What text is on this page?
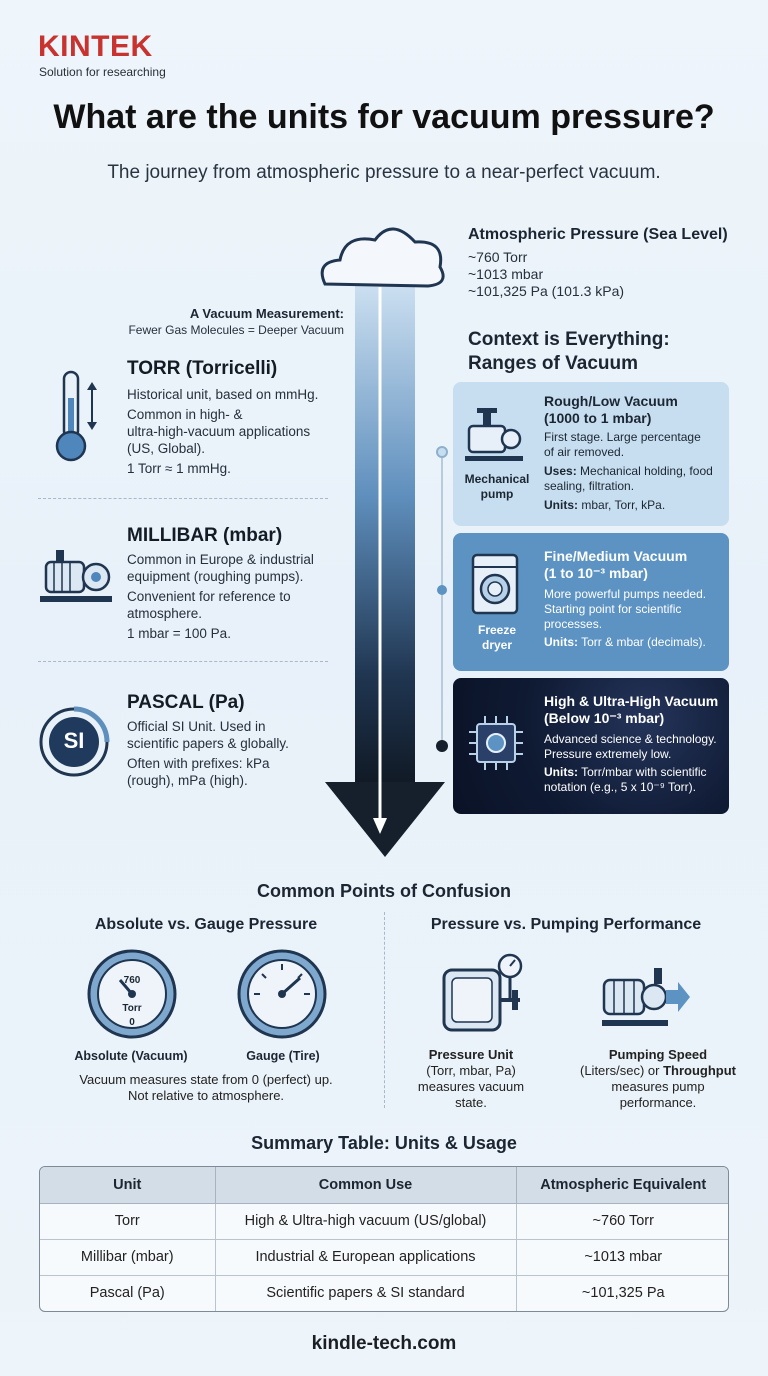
KINTEK
Solution for researching
What are the units for vacuum pressure?
The journey from atmospheric pressure to a near-perfect vacuum.
Atmospheric Pressure (Sea Level)
~760 Torr
~1013 mbar
~101,325 Pa (101.3 kPa)
A Vacuum Measurement:
Fewer Gas Molecules = Deeper Vacuum
TORR (Torricelli)
Historical unit, based on mmHg.
Common in high- &
ultra-high-vacuum applications
(US, Global).
1 Torr ≈ 1 mmHg.
MILLIBAR (mbar)
Common in Europe & industrial
equipment (roughing pumps).
Convenient for reference to
atmosphere.
1 mbar = 100 Pa.
SI
PASCAL (Pa)
Official SI Unit. Used in
scientific papers & globally.
Often with prefixes: kPa
(rough), mPa (high).
Context is Everything:
Ranges of Vacuum
Mechanical
pump
Rough/Low Vacuum
(1000 to 1 mbar)
First stage. Large percentage
of air removed.
Uses: Mechanical holding, food
sealing, filtration.
Units: mbar, Torr, kPa.
Freeze
dryer
Fine/Medium Vacuum
(1 to 10⁻³ mbar)
More powerful pumps needed.
Starting point for scientific
processes.
Units: Torr & mbar (decimals).
High & Ultra-High Vacuum
(Below 10⁻³ mbar)
Advanced science & technology.
Pressure extremely low.
Units: Torr/mbar with scientific
notation (e.g., 5 x 10⁻⁹ Torr).
Common Points of Confusion
Absolute vs. Gauge Pressure
760
Torr
0
Absolute (Vacuum)	Gauge (Tire)
Vacuum measures state from 0 (perfect) up.
Not relative to atmosphere.
Pressure vs. Pumping Performance
Pressure Unit
(Torr, mbar, Pa)
measures vacuum state.
Pumping Speed
(Liters/sec) or Throughput
measures pump
performance.
Summary Table: Units & Usage
Unit	Common Use	Atmospheric Equivalent
Torr	High & Ultra-high vacuum (US/global)	~760 Torr
Millibar (mbar)	Industrial & European applications	~1013 mbar
Pascal (Pa)	Scientific papers & SI standard	~101,325 Pa
kindle-tech.com
